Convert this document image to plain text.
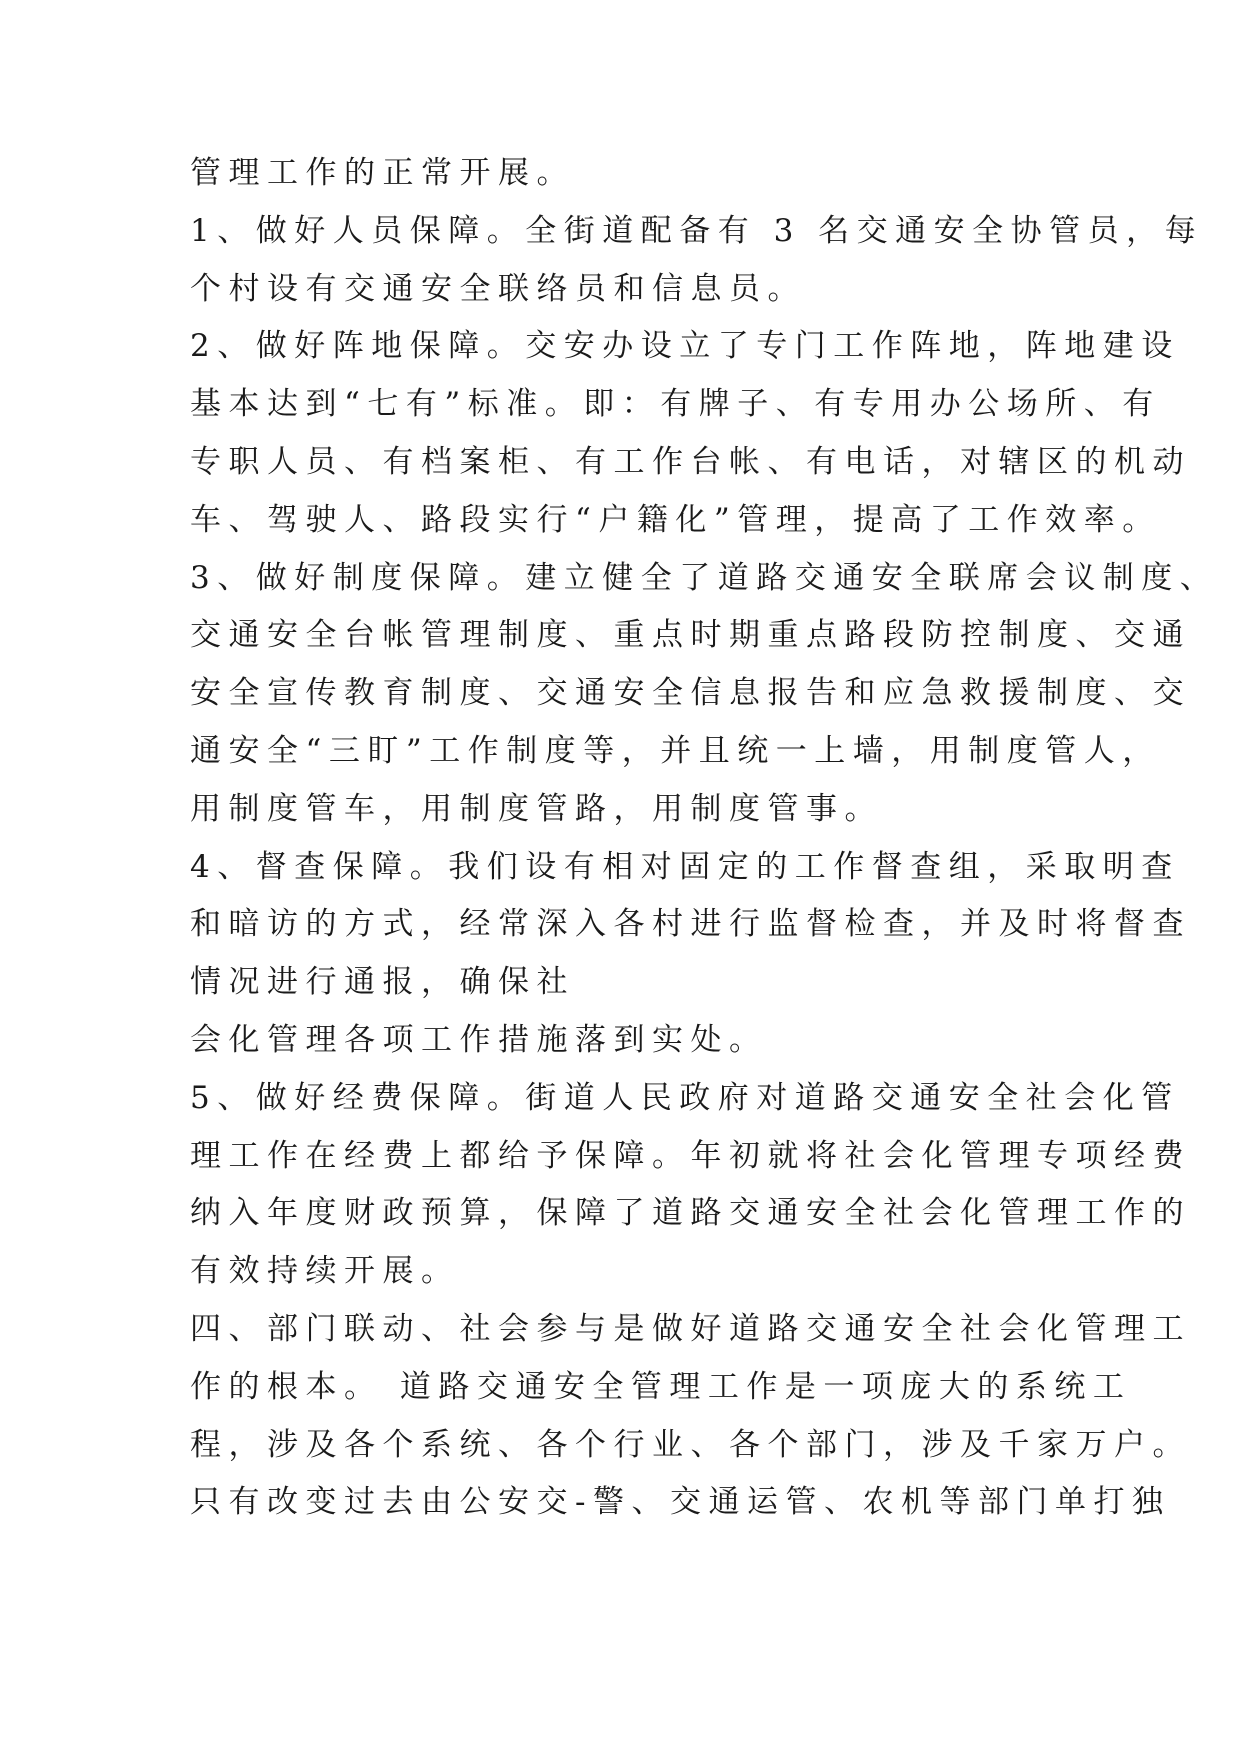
管理工作的正常开展。
1、做好人员保障。全街道配备有 3 名交通安全协管员，每
个村设有交通安全联络员和信息员。
2、做好阵地保障。交安办设立了专门工作阵地，阵地建设
基本达到“七有”标准。即：有牌子、有专用办公场所、有
专职人员、有档案柜、有工作台帐、有电话，对辖区的机动
车、驾驶人、路段实行“户籍化”管理，提高了工作效率。
3、做好制度保障。建立健全了道路交通安全联席会议制度、
交通安全台帐管理制度、重点时期重点路段防控制度、交通
安全宣传教育制度、交通安全信息报告和应急救援制度、交
通安全“三盯”工作制度等，并且统一上墙，用制度管人，
用制度管车，用制度管路，用制度管事。
4、督查保障。我们设有相对固定的工作督查组，采取明查
和暗访的方式，经常深入各村进行监督检查，并及时将督查
情况进行通报，确保社
会化管理各项工作措施落到实处。
5、做好经费保障。街道人民政府对道路交通安全社会化管
理工作在经费上都给予保障。年初就将社会化管理专项经费
纳入年度财政预算，保障了道路交通安全社会化管理工作的
有效持续开展。
四、部门联动、社会参与是做好道路交通安全社会化管理工
作的根本。 道路交通安全管理工作是一项庞大的系统工
程，涉及各个系统、各个行业、各个部门，涉及千家万户。
只有改变过去由公安交-警、交通运管、农机等部门单打独
